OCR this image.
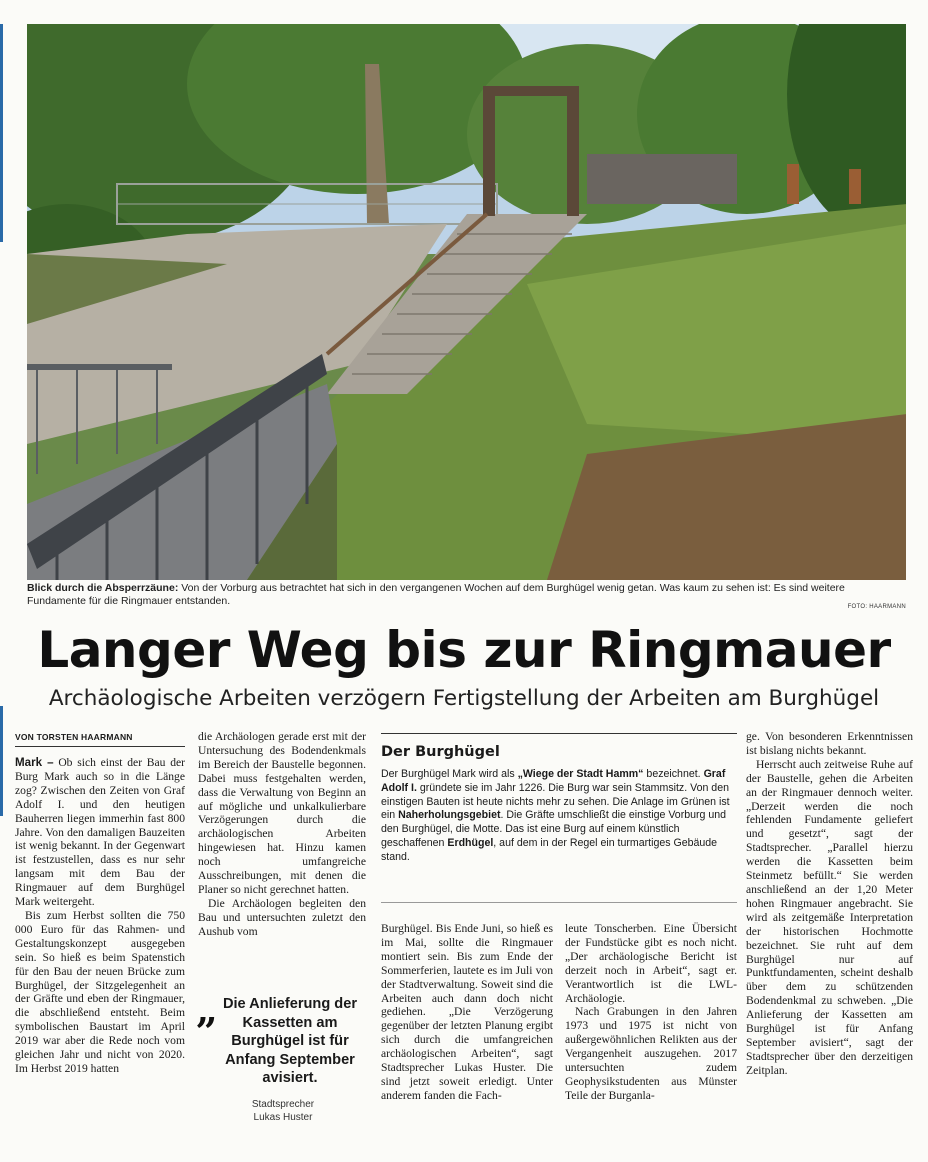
Blick durch die Absperrzäune: Von der Vorburg aus betrachtet hat sich in den vergangenen Wochen auf dem Burghügel wenig getan. Was kaum zu sehen ist: Es sind weitere Fundamente für die Ringmauer entstanden.	FOTO: HAARMANN
Langer Weg bis zur Ringmauer
Archäologische Arbeiten verzögern Fertigstellung der Arbeiten am Burghügel
VON TORSTEN HAARMANN

Mark – Ob sich einst der Bau der Burg Mark auch so in die Länge zog? Zwischen den Zeiten von Graf Adolf I. und den heutigen Bauherren liegen immerhin fast 800 Jahre. Von den damaligen Bauzeiten ist wenig bekannt. In der Gegenwart ist festzustellen, dass es nur sehr langsam mit dem Bau der Ringmauer auf dem Burghügel Mark weitergeht.

Bis zum Herbst sollten die 750 000 Euro für das Rahmen- und Gestaltungskonzept ausgegeben sein. So hieß es beim Spatenstich für den Bau der neuen Brücke zum Burghügel, der Sitzgelegenheit an der Gräfte und eben der Ringmauer, die abschließend entsteht. Beim symbolischen Baustart im April 2019 war aber die Rede noch vom gleichen Jahr und nicht von 2020. Im Herbst 2019 hatten

die Archäologen gerade erst mit der Untersuchung des Bodendenkmals im Bereich der Baustelle begonnen. Dabei muss festgehalten werden, dass die Verwaltung von Beginn an auf mögliche und unkalkulierbare Verzögerungen durch die archäologischen Arbeiten hingewiesen hat. Hinzu kamen noch umfangreiche Ausschreibungen, mit denen die Planer so nicht gerechnet hatten.

Die Archäologen begleiten den Bau und untersuchten zuletzt den Aushub vom

„ Die Anlieferung der Kassetten am Burghügel ist für Anfang September avisiert.
Stadtsprecher
Lukas Huster
Der Burghügel
Der Burghügel Mark wird als „Wiege der Stadt Hamm“ bezeichnet. Graf Adolf I. gründete sie im Jahr 1226. Die Burg war sein Stammsitz. Von den einstigen Bauten ist heute nichts mehr zu sehen. Die Anlage im Grünen ist ein Naherholungsgebiet. Die Gräfte umschließt die einstige Vorburg und den Burghügel, die Motte. Das ist eine Burg auf einem künstlich geschaffenen Erdhügel, auf dem in der Regel ein turmartiges Gebäude stand.

Burghügel. Bis Ende Juni, so hieß es im Mai, sollte die Ringmauer montiert sein. Bis zum Ende der Sommerferien, lautete es im Juli von der Stadtverwaltung. Soweit sind die Arbeiten auch dann doch nicht gediehen. „Die Verzögerung gegenüber der letzten Planung ergibt sich durch die umfangreichen archäologischen Arbeiten“, sagt Stadtsprecher Lukas Huster. Die sind jetzt soweit erledigt. Unter anderem fanden die Fach-

leute Tonscherben. Eine Übersicht der Fundstücke gibt es noch nicht. „Der archäologische Bericht ist derzeit noch in Arbeit“, sagt er. Verantwortlich ist die LWL-Archäologie.

Nach Grabungen in den Jahren 1973 und 1975 ist nicht von außergewöhnlichen Relikten aus der Vergangenheit auszugehen. 2017 untersuchten zudem Geophysikstudenten aus Münster Teile der Burganla-

ge. Von besonderen Erkenntnissen ist bislang nichts bekannt.

Herrscht auch zeitweise Ruhe auf der Baustelle, gehen die Arbeiten an der Ringmauer dennoch weiter. „Derzeit werden die noch fehlenden Fundamente geliefert und gesetzt“, sagt der Stadtsprecher. „Parallel hierzu werden die Kassetten beim Steinmetz befüllt.“ Sie werden anschließend an der 1,20 Meter hohen Ringmauer angebracht. Sie wird als zeitgemäße Interpretation der historischen Hochmotte bezeichnet. Sie ruht auf dem Burghügel nur auf Punktfundamenten, scheint deshalb über dem zu schützenden Bodendenkmal zu schweben. „Die Anlieferung der Kassetten am Burghügel ist für Anfang September avisiert“, sagt der Stadtsprecher über den derzeitigen Zeitplan.
